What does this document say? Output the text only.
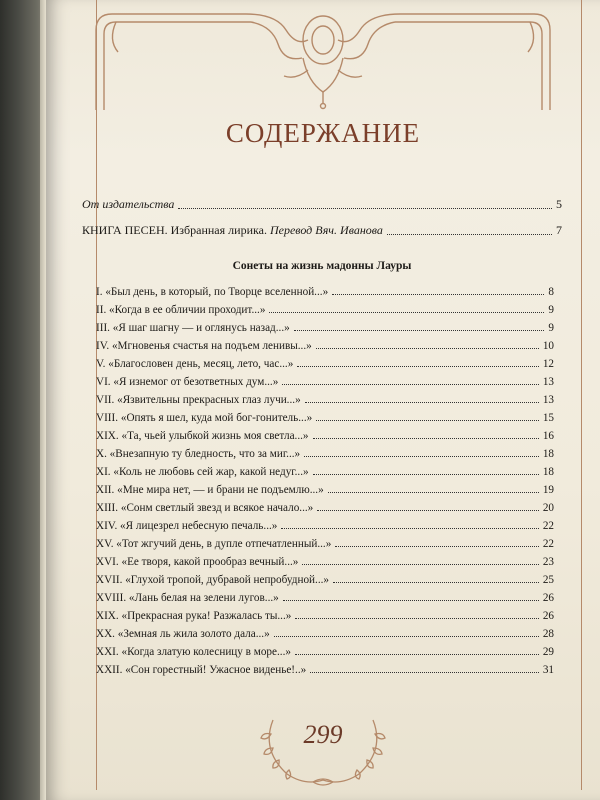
СОДЕРЖАНИЕ
От издательства	5
КНИГА ПЕСЕН. Избранная лирика. Перевод Вяч. Иванова	7
Сонеты на жизнь мадонны Лауры
I. «Был день, в который, по Творце вселенной...»	8
II. «Когда в ее обличии проходит...»	9
III. «Я шаг шагну — и оглянусь назад...»	9
IV. «Мгновенья счастья на подъем ленивы...»	10
V. «Благословен день, месяц, лето, час...»	12
VI. «Я изнемог от безответных дум...»	13
VII. «Язвительны прекрасных глаз лучи...»	13
VIII. «Опять я шел, куда мой бог-гонитель...»	15
XIX. «Та, чьей улыбкой жизнь моя светла...»	16
X. «Внезапную ту бледность, что за миг...»	18
XI. «Коль не любовь сей жар, какой недуг...»	18
XII. «Мне мира нет, — и брани не подъемлю...»	19
XIII. «Сонм светлый звезд и всякое начало...»	20
XIV. «Я лицезрел небесную печаль...»	22
XV. «Тот жгучий день, в дупле отпечатленный...»	22
XVI. «Ее творя, какой прообраз вечный...»	23
XVII. «Глухой тропой, дубравой непробудной...»	25
XVIII. «Лань белая на зелени лугов...»	26
XIX. «Прекрасная рука! Разжалась ты...»	26
XX. «Земная ль жила золото дала...»	28
XXI. «Когда златую колесницу в море...»	29
XXII. «Сон горестный! Ужасное виденье!..»	31
299
